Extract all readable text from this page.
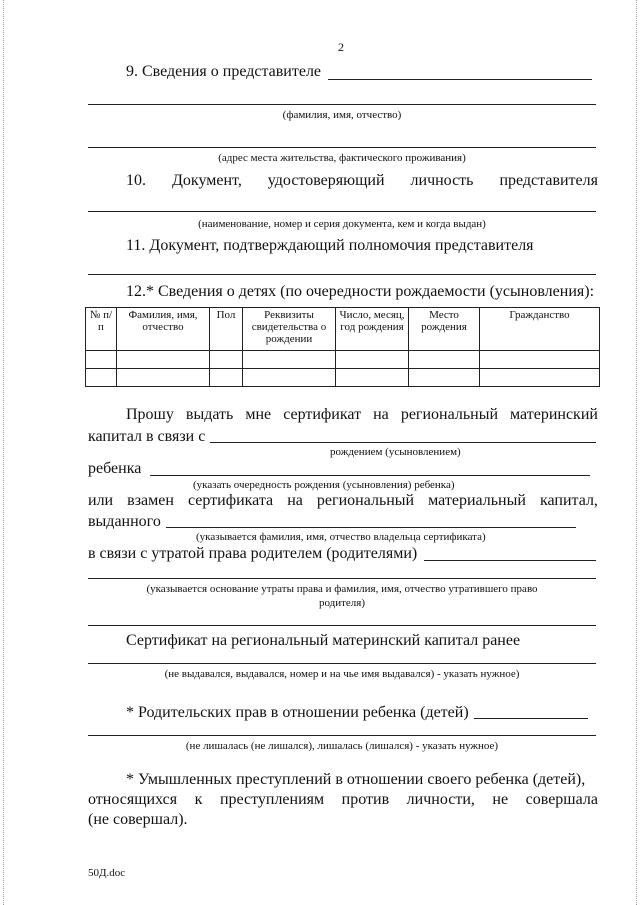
2
9. Сведения о представителе
(фамилия, имя, отчество)
(адрес места жительства, фактического проживания)
10. Документ, удостоверяющий личность представителя
(наименование, номер и серия документа, кем и когда выдан)
11. Документ, подтверждающий полномочия представителя
12.* Сведения о детях (по очередности рождаемости (усыновления):
№ п/п	Фамилия, имя, отчество	Пол	Реквизиты свидетельства о рождении	Число, месяц, год рождения	Место рождения	Гражданство

Прошу выдать мне сертификат на региональный материнский
капитал в связи с
рождением (усыновлением)
ребенка
(указать очередность рождения (усыновления) ребенка)
или взамен сертификата на региональный материальный капитал,
выданного
(указывается фамилия, имя, отчество владельца сертификата)
в связи с утратой права родителем (родителями)
(указывается основание утраты права и фамилия, имя, отчество утратившего право
родителя)
Сертификат на региональный материнский капитал ранее
(не выдавался, выдавался, номер и на чье имя выдавался) - указать нужное)
* Родительских прав в отношении ребенка (детей)
(не лишалась (не лишался), лишалась (лишался) - указать нужное)
* Умышленных преступлений в отношении своего ребенка (детей),
относящихся к преступлениям против личности, не совершала
(не совершал).
50Д.doc
